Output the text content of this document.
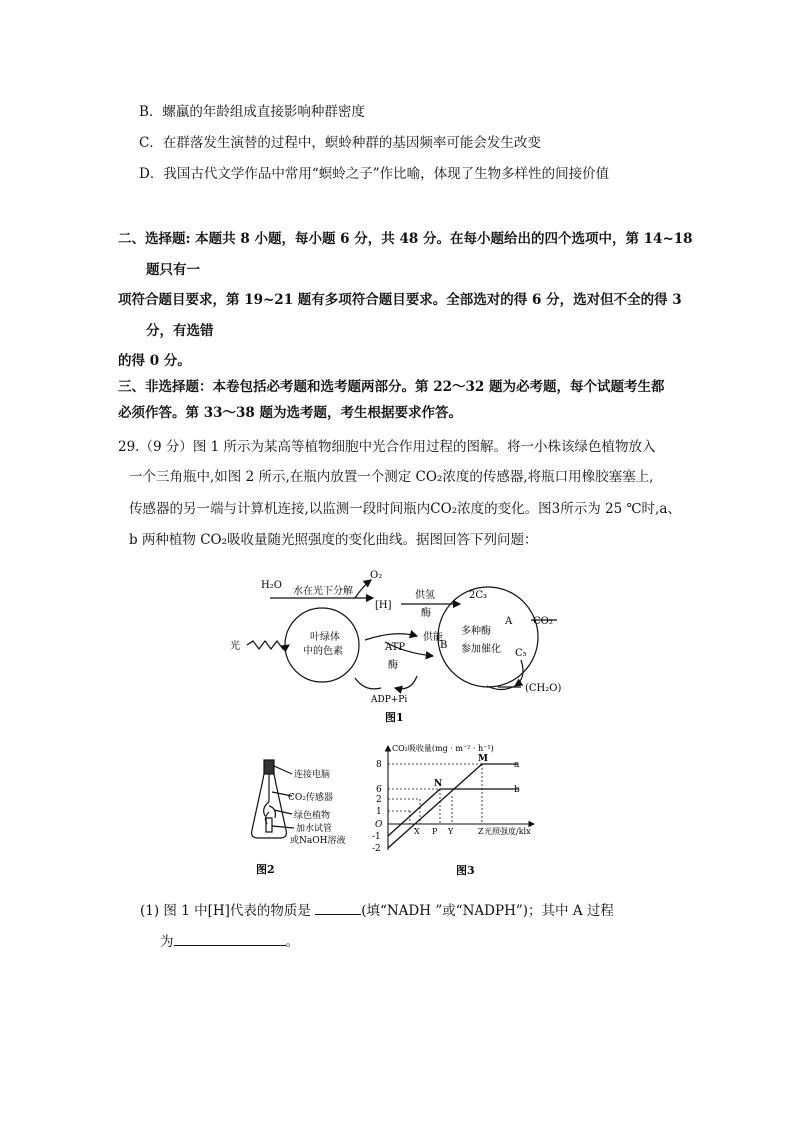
B．螺蠃的年龄组成直接影响种群密度
C．在群落发生演替的过程中，螟蛉种群的基因频率可能会发生改变
D．我国古代文学作品中常用“螟蛉之子”作比喻，体现了生物多样性的间接价值
二、选择题: 本题共 8 小题，每小题 6 分，共 48 分。在每小题给出的四个选项中，第 14~18
题只有一
项符合题目要求，第 19~21 题有多项符合题目要求。全部选对的得 6 分，选对但不全的得 3
分，有选错
的得 0 分。
三、非选择题：本卷包括必考题和选考题两部分。第 22～32 题为必考题，每个试题考生都
必须作答。第 33～38 题为选考题，考生根据要求作答。
29.（9 分）图 1 所示为某高等植物细胞中光合作用过程的图解。将一小株该绿色植物放入
一个三角瓶中,如图 2 所示,在瓶内放置一个测定 CO₂浓度的传感器,将瓶口用橡胶塞塞上,
传感器的另一端与计算机连接,以监测一段时间瓶内CO₂浓度的变化。图3所示为 25 ℃时,a、
b 两种植物 CO₂吸收量随光照强度的变化曲线。据图回答下列问题：
H₂O
O₂
水在光下分解
[H]
供氢
酶
2C₃
A CO₂
光
叶绿体
中的色素	ATP
酶
供能
B
多种酶
参加催化 C₅
ADP+Pi
(CH₂O)
图1
连接电脑
CO₂传感器
绿色植物
加水试管
或NaOH溶液
图2
CO₂吸收量(mg · m⁻² · h⁻¹)
8
6
2
1
O
-1
-2
X P Y	Z
N
M
a
b
光照强度/klx
图3
(1) 图 1 中[H]代表的物质是	(填“NADH ”或“NADPH”)；其中 A 过程
为	。
